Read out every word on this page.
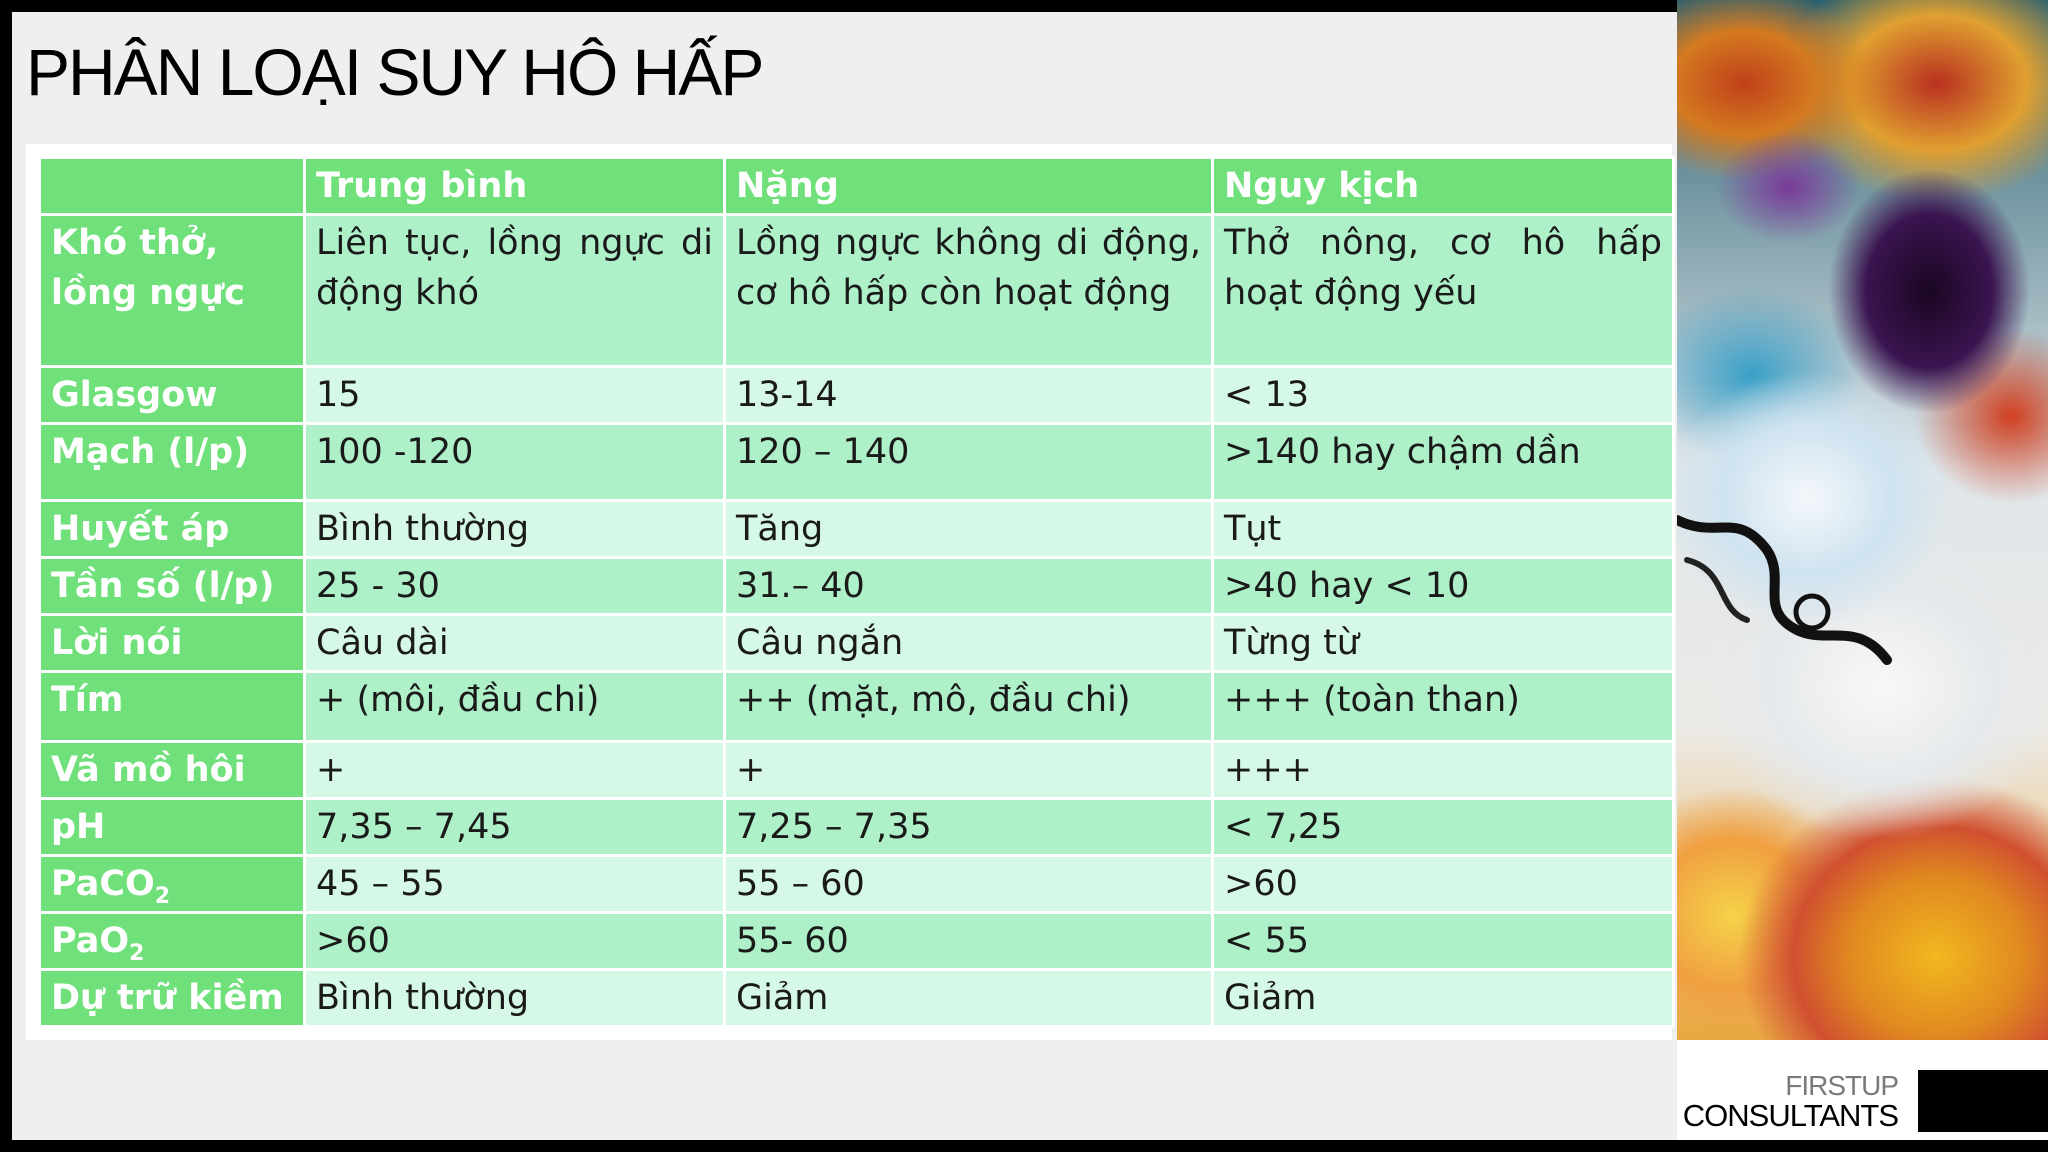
PHÂN LOẠI SUY HÔ HẤP
	Trung bình	Nặng	Nguy kịch
Khó thở, lồng ngực	Liên tục, lồng ngực di động khó	Lồng ngực không di động, cơ hô hấp còn hoạt động	Thở nông, cơ hô hấp hoạt động yếu
Glasgow	15	13-14	< 13
Mạch (l/p)	100 -120	120 – 140	>140 hay chậm dần
Huyết áp	Bình thường	Tăng	Tụt
Tần số (l/p)	25 - 30	31.– 40	>40 hay < 10
Lời nói	Câu dài	Câu ngắn	Từng từ
Tím	+ (môi, đầu chi)	++ (mặt, mô, đầu chi)	+++ (toàn than)
Vã mồ hôi	+	+	+++
pH	7,35 – 7,45	7,25 – 7,35	< 7,25
PaCO$_2$	45 – 55	55 – 60	>60
PaO$_2$	>60	55- 60	< 55
Dự trữ kiềm	Bình thường	Giảm	Giảm
FIRSTUP
CONSULTANTS
